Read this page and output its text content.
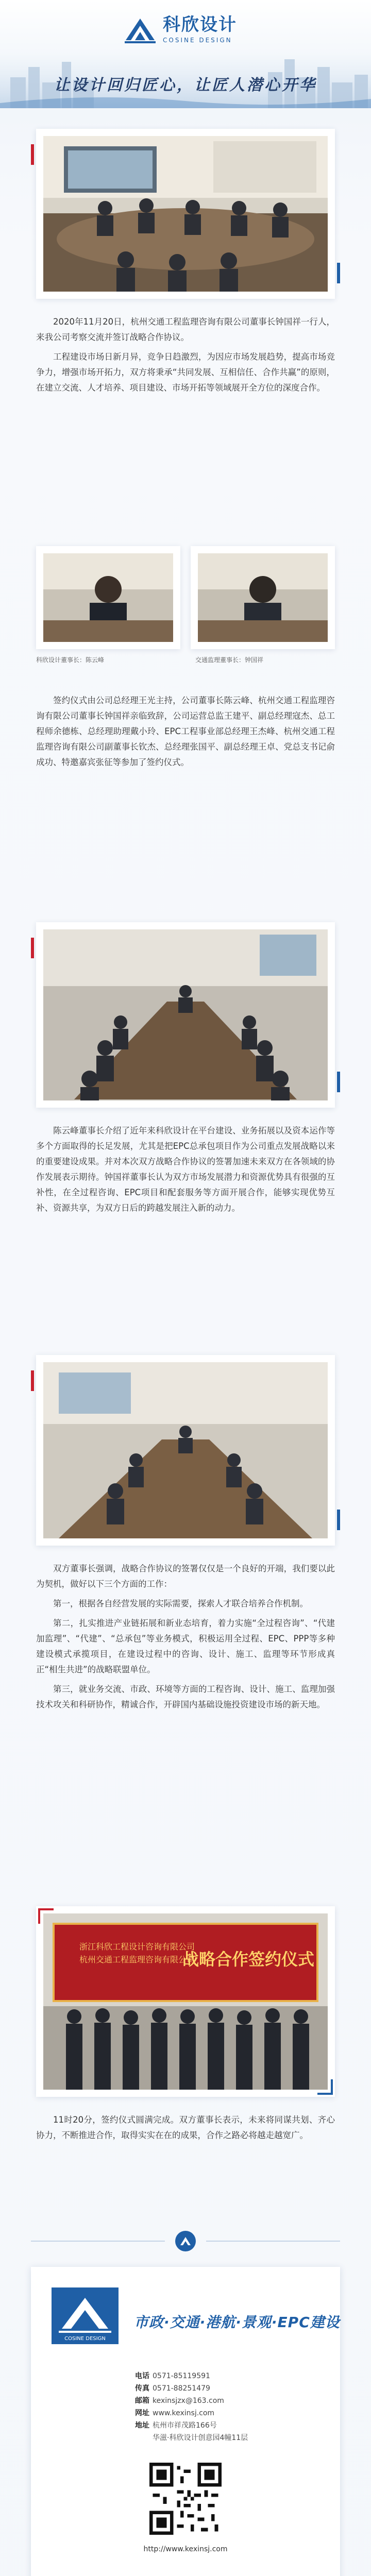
科欣设计
COSINE DESIGN
让设计回归匠心，让匠人潜心开华

2020年11月20日，杭州交通工程监理咨询有限公司董事长钟国祥一行人，来我公司考察交流并签订战略合作协议。

工程建设市场日新月异，竞争日趋激烈，为因应市场发展趋势，提高市场竞争力，增强市场开拓力，双方将秉承“共同发展、互相信任、合作共赢”的原则，在建立交流、人才培养、项目建设、市场开拓等领域展开全方位的深度合作。

科欣设计董事长：陈云峰	交通监理董事长：钟国祥

签约仪式由公司总经理王光主持，公司董事长陈云峰、杭州交通工程监理咨询有限公司董事长钟国祥亲临致辞，公司运营总监王建平、副总经理寇杰、总工程师余德栋、总经理助理戴小玲、EPC工程事业部总经理王杰峰、杭州交通工程监理咨询有限公司副董事长钦杰、总经理张国平、副总经理王卓、党总支书记俞成功、特邀嘉宾张征等参加了签约仪式。

陈云峰董事长介绍了近年来科欣设计在平台建设、业务拓展以及资本运作等多个方面取得的长足发展，尤其是把EPC总承包项目作为公司重点发展战略以来的重要建设成果。并对本次双方战略合作协议的签署加速未来双方在各领域的协作发展表示期待。钟国祥董事长认为双方市场发展潜力和资源优势具有很强的互补性，在全过程咨询、EPC项目和配套服务等方面开展合作，能够实现优势互补、资源共享，为双方日后的跨越发展注入新的动力。

双方董事长强调，战略合作协议的签署仅仅是一个良好的开端，我们要以此为契机，做好以下三个方面的工作：

第一，根据各自经营发展的实际需要，探索人才联合培养合作机制。

第二，扎实推进产业链拓展和新业态培育，着力实施“全过程咨询”、“代建加监理”、“代建”、“总承包”等业务模式，积极运用全过程、EPC、PPP等多种建设模式承揽项目，在建设过程中的咨询、设计、施工、监理等环节形成真正“相生共进”的战略联盟单位。

第三，就业务交流、市政、环境等方面的工程咨询、设计、施工、监理加强技术攻关和科研协作，精诚合作，开辟国内基础设施投资建设市场的新天地。

浙江科欣工程设计咨询有限公司
杭州交通工程监理咨询有限公司
战略合作签约仪式

11时20分，签约仪式圆满完成。双方董事长表示，未来将同谋共划、齐心协力，不断推进合作，取得实实在在的成果，合作之路必将越走越宽广。

COSINE DESIGN
市政·交通·港航·景观·EPC建设
电话 0571-85119591
传真 0571-88251479
邮箱 kexinsjzx@163.com
网址 www.kexinsj.com
地址 杭州市祥茂路166号
华滋·科欣设计创意园4幢11层
http://www.kexinsj.com
